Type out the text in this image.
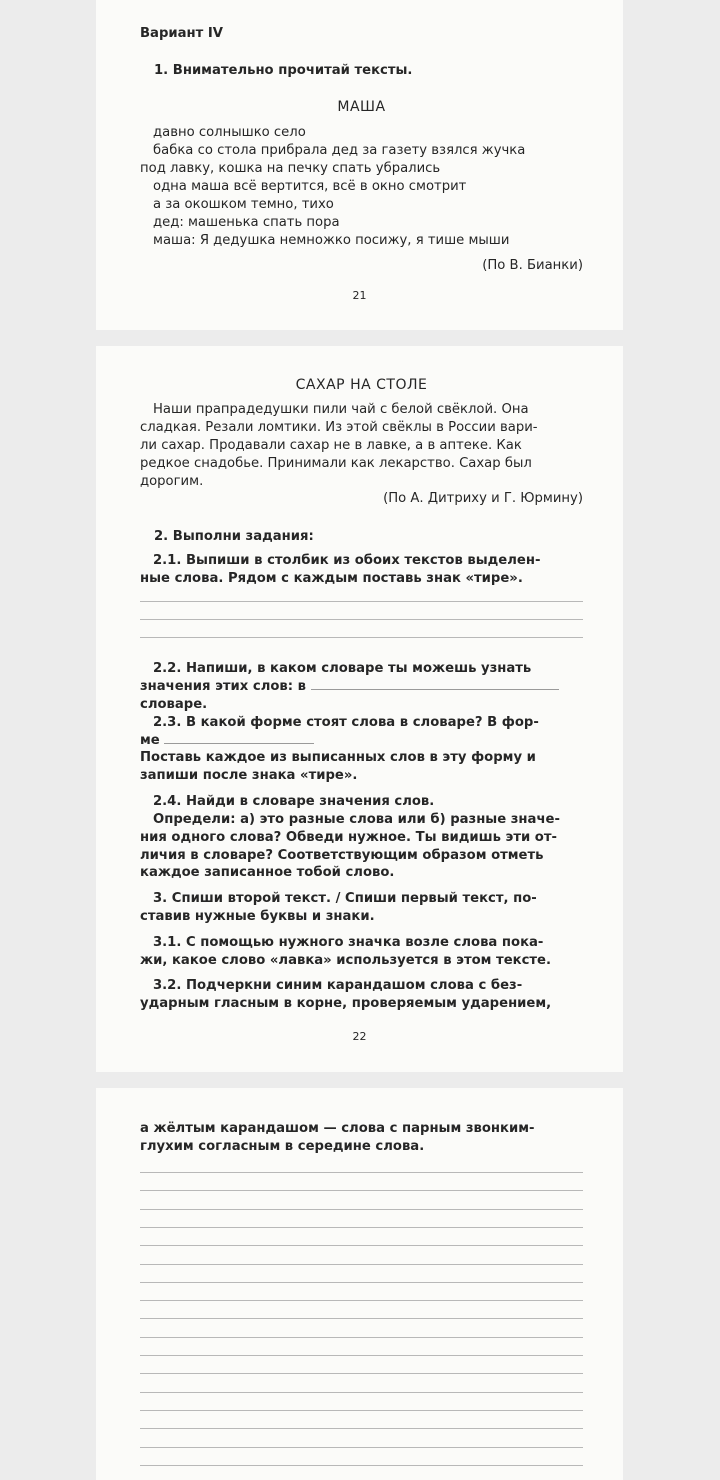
Вариант IV
1. Внимательно прочитай тексты.
МАША
давно солнышко село
бабка со стола прибрала дед за газету взялся жучка
под лавку, кошка на печку спать убрались
одна маша всё вертится, всё в окно смотрит
а за окошком темно, тихо
дед: машенька спать пора
маша: Я дедушка немножко посижу, я тише мыши
(По В. Бианки)
21
САХАР НА СТОЛЕ
Наши прапрадедушки пили чай с белой свёклой. Она
сладкая. Резали ломтики. Из этой свёклы в России вари-
ли сахар. Продавали сахар не в лавке, а в аптеке. Как
редкое снадобье. Принимали как лекарство. Сахар был
дорогим.
(По А. Дитриху и Г. Юрмину)
2. Выполни задания:
2.1. Выпиши в столбик из обоих текстов выделен-
ные слова. Рядом с каждым поставь знак «тире».
2.2. Напиши, в каком словаре ты можешь узнать
значения этих слов: в
словаре.
2.3. В какой форме стоят слова в словаре? В фор-
ме
Поставь каждое из выписанных слов в эту форму и
запиши после знака «тире».
2.4. Найди в словаре значения слов.
Определи: а) это разные слова или б) разные значе-
ния одного слова? Обведи нужное. Ты видишь эти от-
личия в словаре? Соответствующим образом отметь
каждое записанное тобой слово.
3. Спиши второй текст. / Спиши первый текст, по-
ставив нужные буквы и знаки.
3.1. С помощью нужного значка возле слова пока-
жи, какое слово «лавка» используется в этом тексте.
3.2. Подчеркни синим карандашом слова с без-
ударным гласным в корне, проверяемым ударением,
22
а жёлтым карандашом — слова с парным звонким-
глухим согласным в середине слова.
